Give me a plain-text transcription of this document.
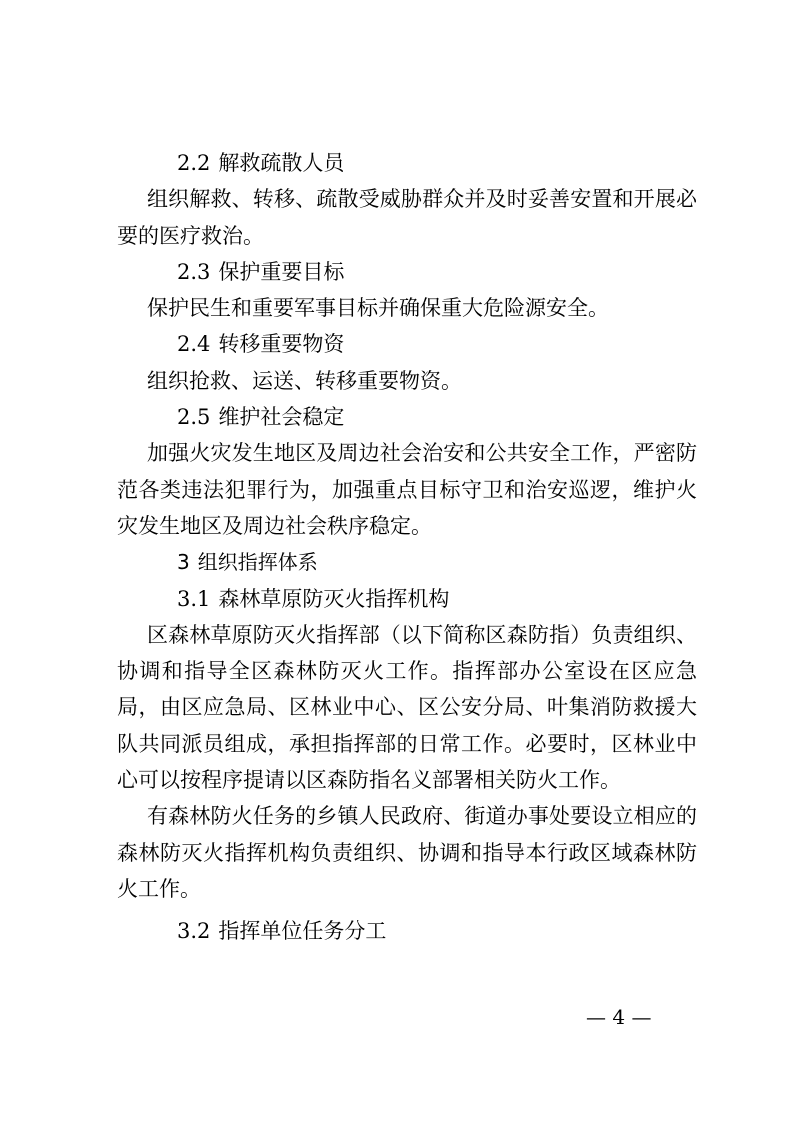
2.2 解救疏散人员

组织解救、转移、疏散受威胁群众并及时妥善安置和开展必要的医疗救治。

2.3 保护重要目标

保护民生和重要军事目标并确保重大危险源安全。

2.4 转移重要物资

组织抢救、运送、转移重要物资。

2.5 维护社会稳定

加强火灾发生地区及周边社会治安和公共安全工作，严密防范各类违法犯罪行为，加强重点目标守卫和治安巡逻，维护火灾发生地区及周边社会秩序稳定。

3 组织指挥体系

3.1 森林草原防灭火指挥机构

区森林草原防灭火指挥部（以下简称区森防指）负责组织、协调和指导全区森林防灭火工作。指挥部办公室设在区应急局，由区应急局、区林业中心、区公安分局、叶集消防救援大队共同派员组成，承担指挥部的日常工作。必要时，区林业中心可以按程序提请以区森防指名义部署相关防火工作。

有森林防火任务的乡镇人民政府、街道办事处要设立相应的森林防灭火指挥机构负责组织、协调和指导本行政区域森林防火工作。

3.2 指挥单位任务分工

— 4 —
